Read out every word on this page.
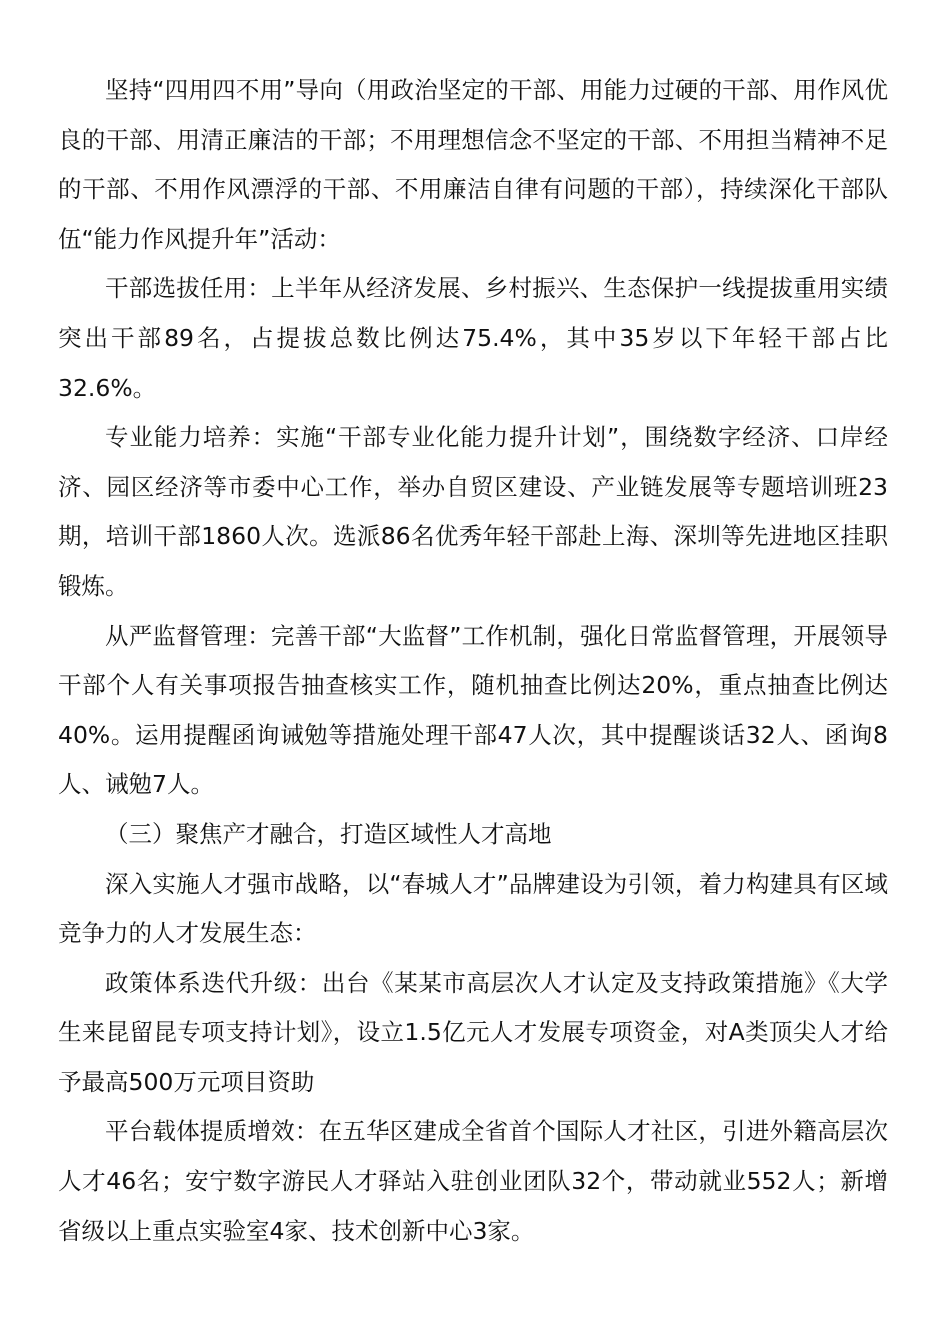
坚持“四用四不用”导向（用政治坚定的干部、用能力过硬的干部、用作风优良的干部、用清正廉洁的干部；不用理想信念不坚定的干部、不用担当精神不足的干部、不用作风漂浮的干部、不用廉洁自律有问题的干部），持续深化干部队伍“能力作风提升年”活动：

干部选拔任用：上半年从经济发展、乡村振兴、生态保护一线提拔重用实绩突出干部89名，占提拔总数比例达75.4%，其中35岁以下年轻干部占比32.6%。

专业能力培养：实施“干部专业化能力提升计划”，围绕数字经济、口岸经济、园区经济等市委中心工作，举办自贸区建设、产业链发展等专题培训班23期，培训干部1860人次。选派86名优秀年轻干部赴上海、深圳等先进地区挂职锻炼。

从严监督管理：完善干部“大监督”工作机制，强化日常监督管理，开展领导干部个人有关事项报告抽查核实工作，随机抽查比例达20%，重点抽查比例达40%。运用提醒函询诫勉等措施处理干部47人次，其中提醒谈话32人、函询8人、诫勉7人。

（三）聚焦产才融合，打造区域性人才高地

深入实施人才强市战略，以“春城人才”品牌建设为引领，着力构建具有区域竞争力的人才发展生态：

政策体系迭代升级：出台《某某市高层次人才认定及支持政策措施》《大学生来昆留昆专项支持计划》，设立1.5亿元人才发展专项资金，对A类顶尖人才给予最高500万元项目资助

平台载体提质增效：在五华区建成全省首个国际人才社区，引进外籍高层次人才46名；安宁数字游民人才驿站入驻创业团队32个，带动就业552人；新增省级以上重点实验室4家、技术创新中心3家。
